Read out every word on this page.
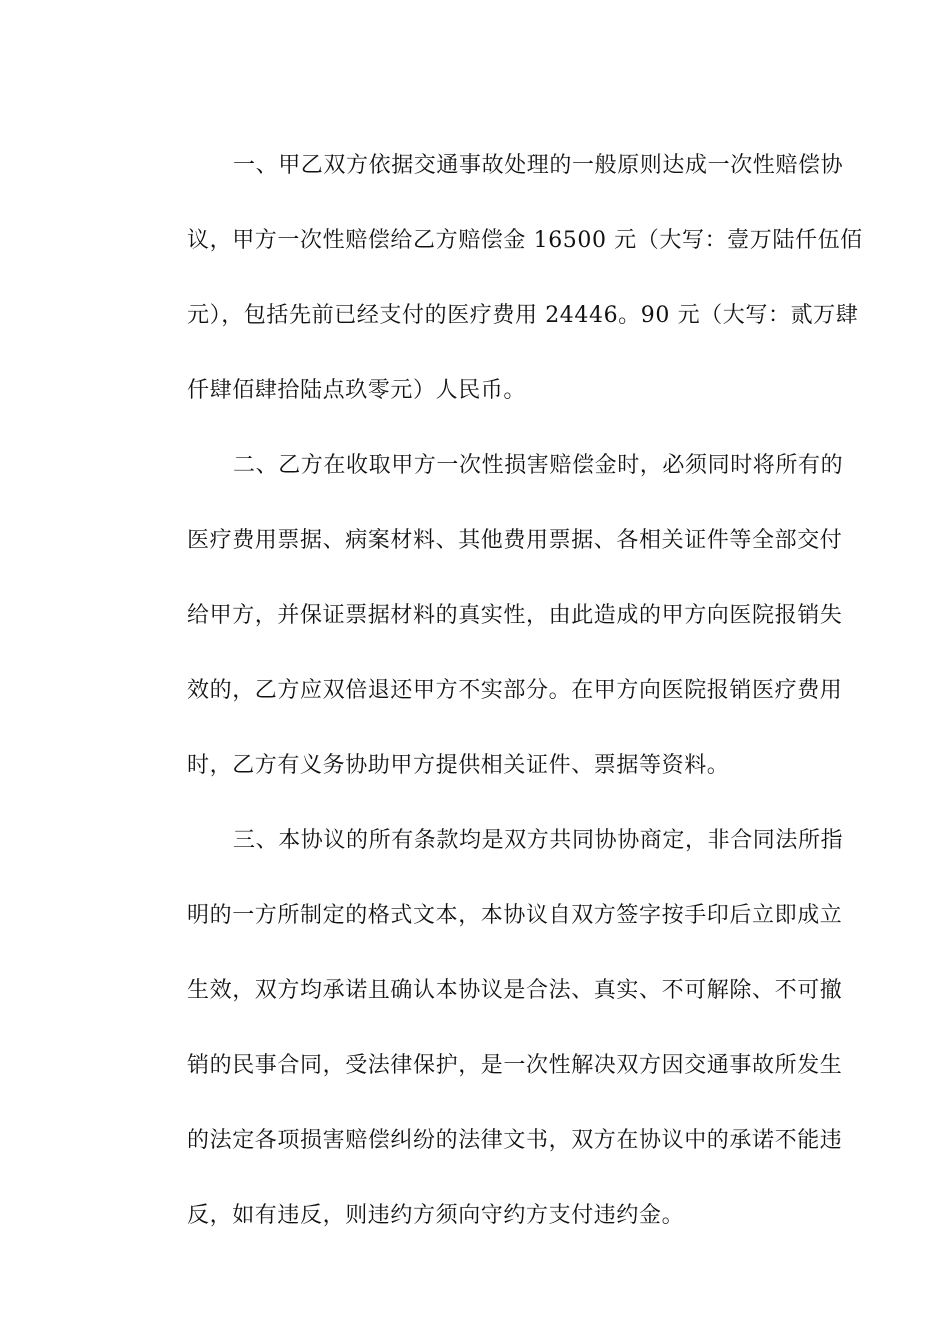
一、甲乙双方依据交通事故处理的一般原则达成一次性赔偿协
议，甲方一次性赔偿给乙方赔偿金 16500 元（大写：壹万陆仟伍佰
元），包括先前已经支付的医疗费用 24446。90 元（大写：贰万肆
仟肆佰肆拾陆点玖零元）人民币。
二、乙方在收取甲方一次性损害赔偿金时，必须同时将所有的
医疗费用票据、病案材料、其他费用票据、各相关证件等全部交付
给甲方，并保证票据材料的真实性，由此造成的甲方向医院报销失
效的，乙方应双倍退还甲方不实部分。在甲方向医院报销医疗费用
时，乙方有义务协助甲方提供相关证件、票据等资料。
三、本协议的所有条款均是双方共同协协商定，非合同法所指
明的一方所制定的格式文本，本协议自双方签字按手印后立即成立
生效，双方均承诺且确认本协议是合法、真实、不可解除、不可撤
销的民事合同，受法律保护，是一次性解决双方因交通事故所发生
的法定各项损害赔偿纠纷的法律文书，双方在协议中的承诺不能违
反，如有违反，则违约方须向守约方支付违约金。
